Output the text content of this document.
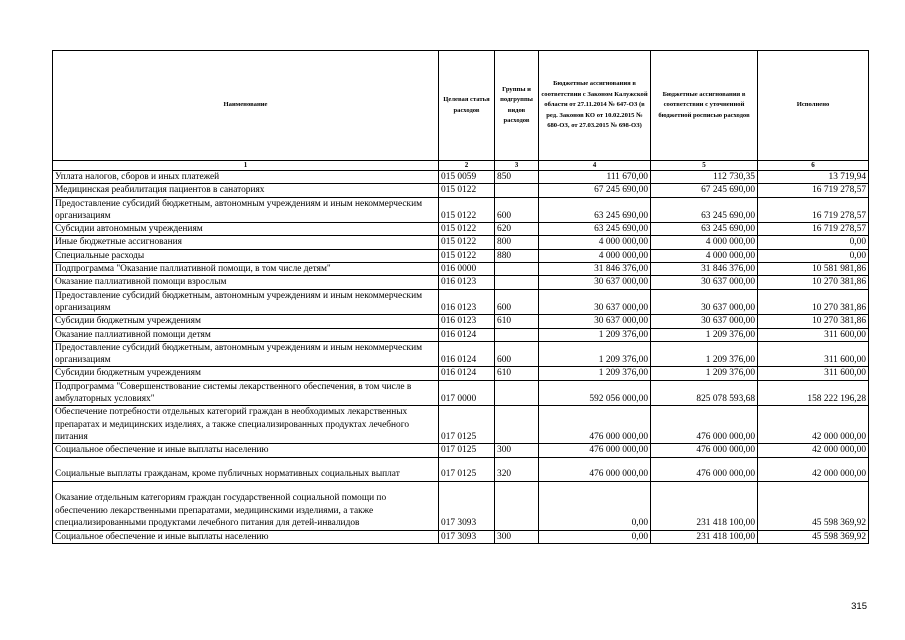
Наименование	Целевая статья расходов	Группы и подгруппы видов расходов	Бюджетные ассигнования в соответствии с Законом Калужской области от 27.11.2014 № 647-ОЗ (в ред. Законов КО от 10.02.2015 № 680-ОЗ, от 27.03.2015 № 698-ОЗ)	Бюджетные ассигнования в соответствии с уточненной бюджетной росписью расходов	Исполнено
1	2	3	4	5	6
Уплата налогов, сборов и иных платежей	015 0059	850	111 670,00	112 730,35	13 719,94
Медицинская реабилитация пациентов в санаториях	015 0122		67 245 690,00	67 245 690,00	16 719 278,57
Предоставление субсидий бюджетным, автономным учреждениям и иным некоммерческим организациям	015 0122	600	63 245 690,00	63 245 690,00	16 719 278,57
Субсидии автономным учреждениям	015 0122	620	63 245 690,00	63 245 690,00	16 719 278,57
Иные бюджетные ассигнования	015 0122	800	4 000 000,00	4 000 000,00	0,00
Специальные расходы	015 0122	880	4 000 000,00	4 000 000,00	0,00
Подпрограмма "Оказание паллиативной помощи, в том числе детям"	016 0000		31 846 376,00	31 846 376,00	10 581 981,86
Оказание паллиативной помощи взрослым	016 0123		30 637 000,00	30 637 000,00	10 270 381,86
Предоставление субсидий бюджетным, автономным учреждениям и иным некоммерческим организациям	016 0123	600	30 637 000,00	30 637 000,00	10 270 381,86
Субсидии бюджетным учреждениям	016 0123	610	30 637 000,00	30 637 000,00	10 270 381,86
Оказание паллиативной помощи детям	016 0124		1 209 376,00	1 209 376,00	311 600,00
Предоставление субсидий бюджетным, автономным учреждениям и иным некоммерческим организациям	016 0124	600	1 209 376,00	1 209 376,00	311 600,00
Субсидии бюджетным учреждениям	016 0124	610	1 209 376,00	1 209 376,00	311 600,00
Подпрограмма "Совершенствование системы лекарственного обеспечения, в том числе в амбулаторных условиях"	017 0000		592 056 000,00	825 078 593,68	158 222 196,28
Обеспечение потребности отдельных категорий граждан в необходимых лекарственных препаратах и медицинских изделиях, а также специализированных продуктах лечебного питания	017 0125		476 000 000,00	476 000 000,00	42 000 000,00
Социальное обеспечение и иные выплаты населению	017 0125	300	476 000 000,00	476 000 000,00	42 000 000,00
Социальные выплаты гражданам, кроме публичных нормативных социальных выплат	017 0125	320	476 000 000,00	476 000 000,00	42 000 000,00
Оказание отдельным категориям граждан государственной социальной помощи по обеспечению лекарственными препаратами, медицинскими изделиями, а также специализированными продуктами лечебного питания для детей-инвалидов	017 3093		0,00	231 418 100,00	45 598 369,92
Социальное обеспечение и иные выплаты населению	017 3093	300	0,00	231 418 100,00	45 598 369,92
315
